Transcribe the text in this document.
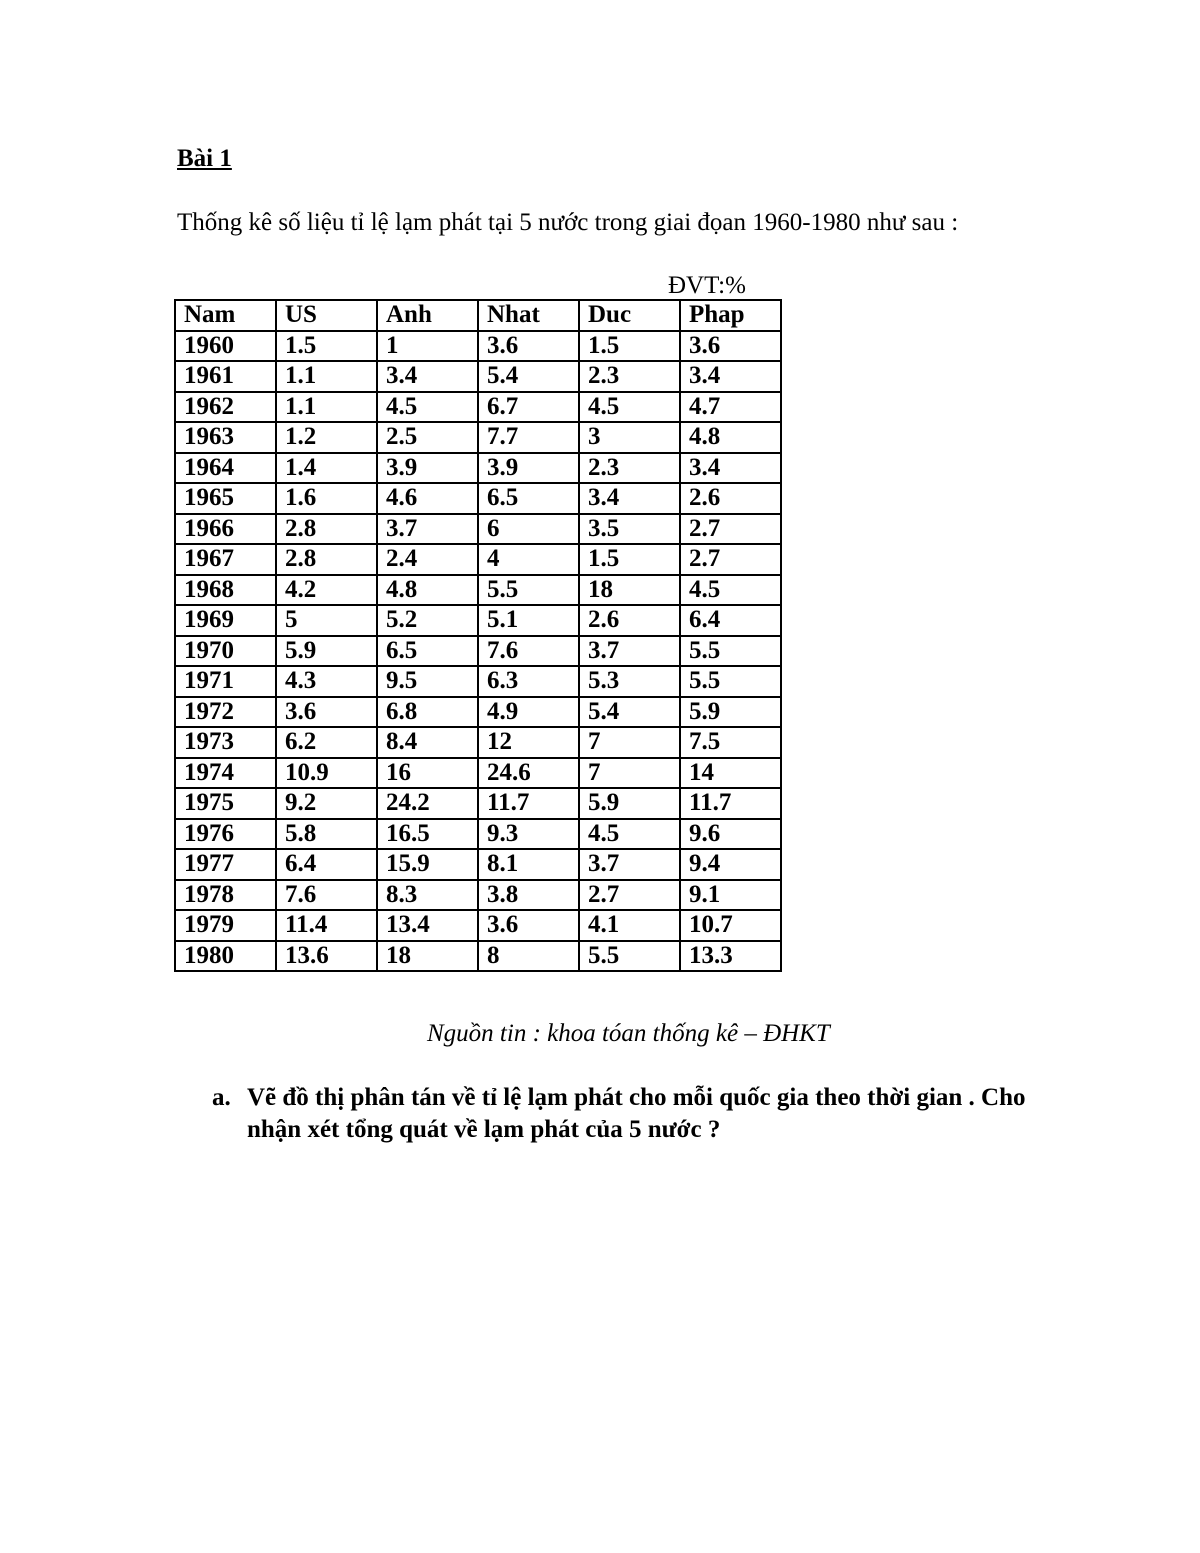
Bài 1

Thống kê số liệu tỉ lệ lạm phát tại 5 nước trong giai đọan 1960-1980 như sau :

ĐVT:%
Nam	US	Anh	Nhat	Duc	Phap
1960	1.5	1	3.6	1.5	3.6
1961	1.1	3.4	5.4	2.3	3.4
1962	1.1	4.5	6.7	4.5	4.7
1963	1.2	2.5	7.7	3	4.8
1964	1.4	3.9	3.9	2.3	3.4
1965	1.6	4.6	6.5	3.4	2.6
1966	2.8	3.7	6	3.5	2.7
1967	2.8	2.4	4	1.5	2.7
1968	4.2	4.8	5.5	18	4.5
1969	5	5.2	5.1	2.6	6.4
1970	5.9	6.5	7.6	3.7	5.5
1971	4.3	9.5	6.3	5.3	5.5
1972	3.6	6.8	4.9	5.4	5.9
1973	6.2	8.4	12	7	7.5
1974	10.9	16	24.6	7	14
1975	9.2	24.2	11.7	5.9	11.7
1976	5.8	16.5	9.3	4.5	9.6
1977	6.4	15.9	8.1	3.7	9.4
1978	7.6	8.3	3.8	2.7	9.1
1979	11.4	13.4	3.6	4.1	10.7
1980	13.6	18	8	5.5	13.3
Nguồn tin : khoa tóan thống kê – ĐHKT
a. Vẽ đồ thị phân tán về tỉ lệ lạm phát cho mỗi quốc gia theo thời gian . Cho nhận xét tổng quát về lạm phát của 5 nước ?
